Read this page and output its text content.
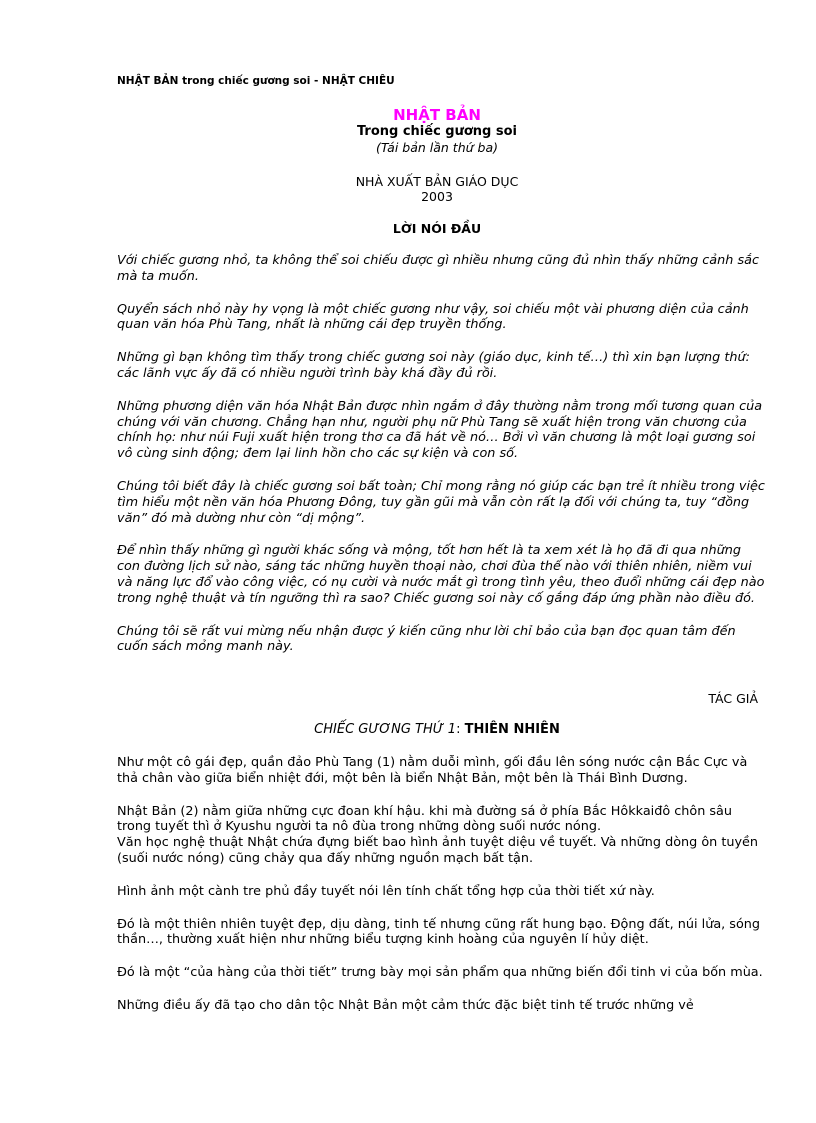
NHẬT BẢN trong chiếc gương soi - NHẬT CHIÊU
NHẬT BẢN
Trong chiếc gương soi
(Tái bản lần thứ ba)
NHÀ XUẤT BẢN GIÁO DỤC
2003
LỜI NÓI ĐẦU

Với chiếc gương nhỏ, ta không thể soi chiếu được gì nhiều nhưng cũng đủ nhìn thấy những cảnh sắc mà ta muốn.

Quyển sách nhỏ này hy vọng là một chiếc gương như vậy, soi chiếu một vài phương diện của cảnh quan văn hóa Phù Tang, nhất là những cái đẹp truyền thống.

Những gì bạn không tìm thấy trong chiếc gương soi này (giáo dục, kinh tế…) thì xin bạn lượng thứ: các lãnh vực ấy đã có nhiều người trình bày khá đầy đủ rồi.

Những phương diện văn hóa Nhật Bản được nhìn ngắm ở đây thường nằm trong mối tương quan của chúng với văn chương. Chẳng hạn như, người phụ nữ Phù Tang sẽ xuất hiện trong văn chương của chính họ: như núi Fuji xuất hiện trong thơ ca đã hát về nó… Bởi vì văn chương là một loại gương soi vô cùng sinh động; đem lại linh hồn cho các sự kiện và con số.

Chúng tôi biết đây là chiếc gương soi bất toàn; Chỉ mong rằng nó giúp các bạn trẻ ít nhiều trong việc tìm hiểu một nền văn hóa Phương Đông, tuy gần gũi mà vẫn còn rất lạ đối với chúng ta, tuy “đồng văn” đó mà dường như còn “dị mộng”.

Để nhìn thấy những gì người khác sống và mộng, tốt hơn hết là ta xem xét là họ đã đi qua những con đường lịch sử nào, sáng tác những huyền thoại nào, chơi đùa thế nào với thiên nhiên, niềm vui và năng lực đổ vào công việc, có nụ cười và nước mắt gì trong tình yêu, theo đuổi những cái đẹp nào trong nghệ thuật và tín ngưỡng thì ra sao? Chiếc gương soi này cố gắng đáp ứng phần nào điều đó.

Chúng tôi sẽ rất vui mừng nếu nhận được ý kiến cũng như lời chỉ bảo của bạn đọc quan tâm đến cuốn sách mỏng manh này.

TÁC GIẢ
CHIẾC GƯƠNG THỨ 1: THIÊN NHIÊN

Như một cô gái đẹp, quần đảo Phù Tang (1) nằm duỗi mình, gối đầu lên sóng nước cận Bắc Cực và thả chân vào giữa biển nhiệt đới, một bên là biển Nhật Bản, một bên là Thái Bình Dương.

Nhật Bản (2) nằm giữa những cực đoan khí hậu. khi mà đường sá ở phía Bắc Hôkkaiđô chôn sâu trong tuyết thì ở Kyushu người ta nô đùa trong những dòng suối nước nóng.

Văn học nghệ thuật Nhật chứa đựng biết bao hình ảnh tuyệt diệu về tuyết. Và những dòng ôn tuyền (suối nước nóng) cũng chảy qua đấy những nguồn mạch bất tận.

Hình ảnh một cành tre phủ đầy tuyết nói lên tính chất tổng hợp của thời tiết xứ này.

Đó là một thiên nhiên tuyệt đẹp, dịu dàng, tinh tế nhưng cũng rất hung bạo. Động đất, núi lửa, sóng thần…, thường xuất hiện như những biểu tượng kinh hoàng của nguyên lí hủy diệt.

Đó là một “của hàng của thời tiết” trưng bày mọi sản phẩm qua những biến đổi tinh vi của bốn mùa.

Những điều ấy đã tạo cho dân tộc Nhật Bản một cảm thức đặc biệt tinh tế trước những vẻ
